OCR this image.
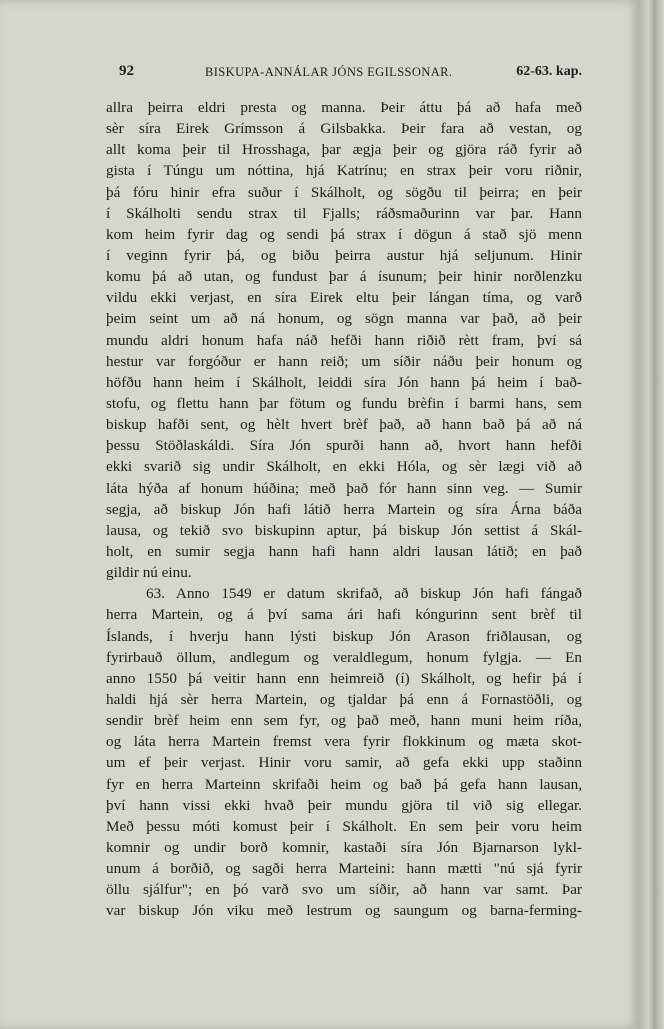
92	BISKUPA-ANNÁLAR JÓNS EGILSSONAR.	62-63. kap.
allra þeirra eldri presta og manna. Þeir áttu þá að hafa með
sèr síra Eirek Grímsson á Gilsbakka. Þeir fara að vestan, og
allt koma þeir til Hrosshaga, þar ægja þeir og gjöra ráð fyrir að
gista í Túngu um nóttina, hjá Katrínu; en strax þeir voru riðnir,
þá fóru hinir efra suður í Skálholt, og sögðu til þeirra; en þeir
í Skálholti sendu strax til Fjalls; ráðsmaðurinn var þar. Hann
kom heim fyrir dag og sendi þá strax í dögun á stað sjö menn
í veginn fyrir þá, og biðu þeirra austur hjá seljunum. Hinir
komu þá að utan, og fundust þar á ísunum; þeir hinir norðlenzku
vildu ekki verjast, en síra Eirek eltu þeir lángan tíma, og varð
þeim seint um að ná honum, og sögn manna var það, að þeir
mundu aldri honum hafa náð hefði hann riðið rètt fram, því sá
hestur var forgóður er hann reið; um síðir náðu þeir honum og
höfðu hann heim í Skálholt, leiddi síra Jón hann þá heim í bað-
stofu, og flettu hann þar fötum og fundu brèfin í barmi hans, sem
biskup hafði sent, og hèlt hvert brèf það, að hann bað þá að ná
þessu Stöðlaskáldi. Síra Jón spurði hann að, hvort hann hefði
ekki svarið sig undir Skálholt, en ekki Hóla, og sèr lægi við að
láta hýða af honum húðina; með það fór hann sinn veg. — Sumir
segja, að biskup Jón hafi látið herra Martein og síra Árna báða
lausa, og tekið svo biskupinn aptur, þá biskup Jón settist á Skál-
holt, en sumir segja hann hafi hann aldri lausan látið; en það
gildir nú einu.
63. Anno 1549 er datum skrifað, að biskup Jón hafi fángað
herra Martein, og á því sama ári hafi kóngurinn sent brèf til
Íslands, í hverju hann lýsti biskup Jón Arason friðlausan, og
fyrirbauð öllum, andlegum og veraldlegum, honum fylgja. — En
anno 1550 þá veitir hann enn heimreið (í) Skálholt, og hefir þá í
haldi hjá sèr herra Martein, og tjaldar þá enn á Fornastöðli, og
sendir brèf heim enn sem fyr, og það með, hann muni heim ríða,
og láta herra Martein fremst vera fyrir flokkinum og mæta skot-
um ef þeir verjast. Hinir voru samir, að gefa ekki upp staðinn
fyr en herra Marteinn skrifaði heim og bað þá gefa hann lausan,
því hann vissi ekki hvað þeir mundu gjöra til við sig ellegar.
Með þessu móti komust þeir í Skálholt. En sem þeir voru heim
komnir og undir borð komnir, kastaði síra Jón Bjarnarson lykl-
unum á borðið, og sagði herra Marteini: hann mætti "nú sjá fyrir
öllu sjálfur"; en þó varð svo um síðir, að hann var samt. Þar
var biskup Jón viku með lestrum og saungum og barna-ferming-
